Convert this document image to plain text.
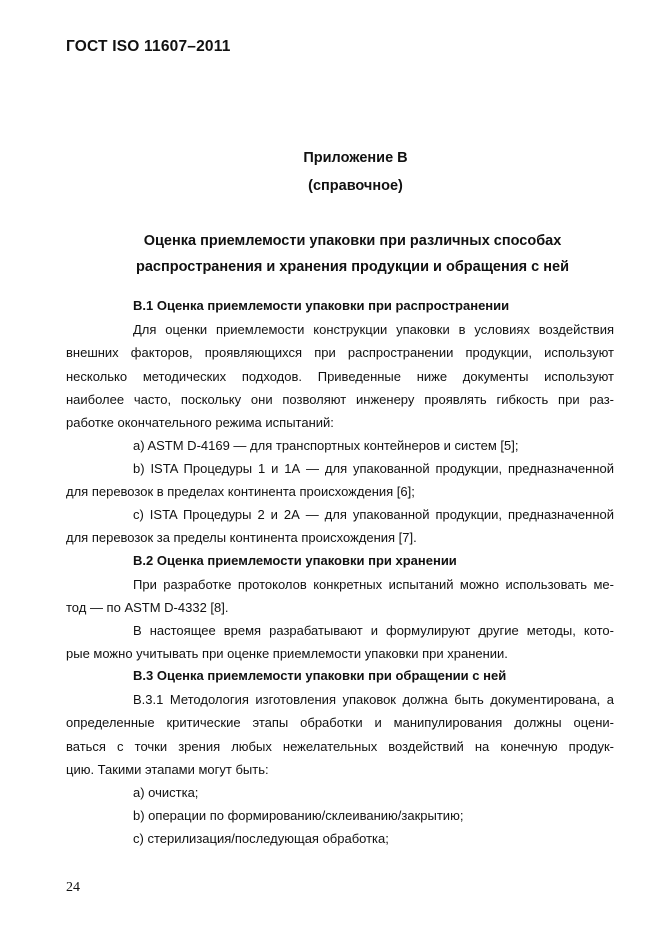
ГОСТ ISO 11607–2011
Приложение В
(справочное)
Оценка приемлемости упаковки при различных способах
распространения и хранения продукции и обращения с ней
В.1 Оценка приемлемости упаковки при распространении
Для оценки приемлемости конструкции упаковки в условиях воздействия
внешних факторов, проявляющихся при распространении продукции, используют
несколько методических подходов. Приведенные ниже документы используют
наиболее часто, поскольку они позволяют инженеру проявлять гибкость при раз-
работке окончательного режима испытаний:
a) ASTM D-4169 — для транспортных контейнеров и систем [5];
b) ISTA Процедуры 1 и 1А — для упакованной продукции, предназначенной
для перевозок в пределах континента происхождения [6];
c) ISTA Процедуры 2 и 2А — для упакованной продукции, предназначенной
для перевозок за пределы континента происхождения [7].
В.2 Оценка приемлемости упаковки при хранении
При разработке протоколов конкретных испытаний можно использовать ме-
тод — по ASTM D-4332 [8].
В настоящее время разрабатывают и формулируют другие методы, кото-
рые можно учитывать при оценке приемлемости упаковки при хранении.
В.3 Оценка приемлемости упаковки при обращении с ней
В.3.1 Методология изготовления упаковок должна быть документирована, а
определенные критические этапы обработки и манипулирования должны оцени-
ваться с точки зрения любых нежелательных воздействий на конечную продук-
цию. Такими этапами могут быть:
a) очистка;
b) операции по формированию/склеиванию/закрытию;
c) стерилизация/последующая обработка;
24
